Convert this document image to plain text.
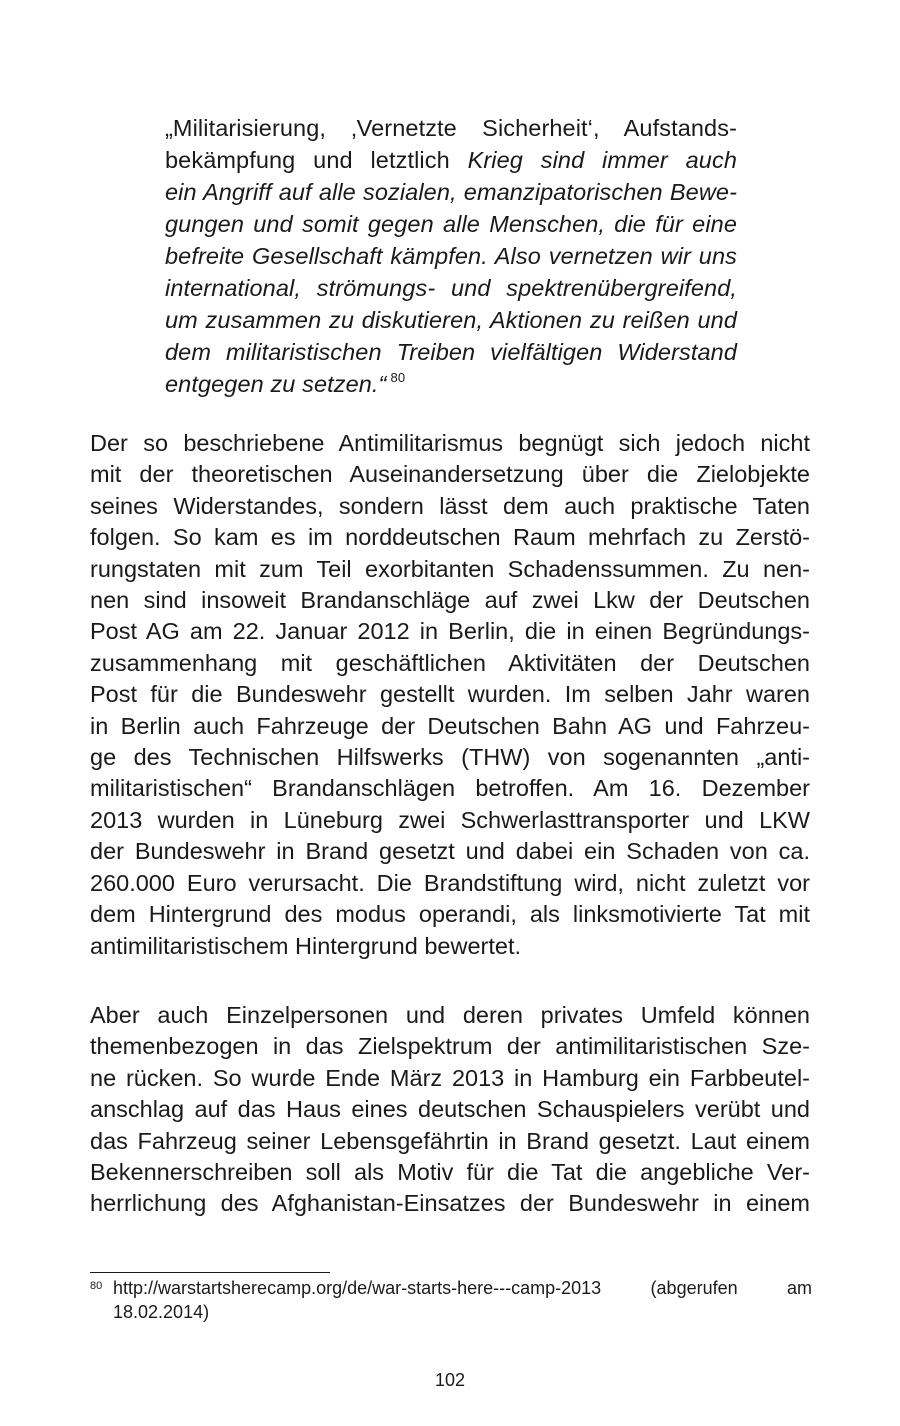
„Militarisierung, ‚Vernetzte Sicherheit‘, Aufstands-
bekämpfung und letztlich Krieg sind immer auch
ein Angriff auf alle sozialen, emanzipatorischen Bewe-
gungen und somit gegen alle Menschen, die für eine
befreite Gesellschaft kämpfen. Also vernetzen wir uns
international, strömungs- und spektrenübergreifend,
um zusammen zu diskutieren, Aktionen zu reißen und
dem militaristischen Treiben vielfältigen Widerstand
entgegen zu setzen.“ $^{80}$
Der so beschriebene Antimilitarismus begnügt sich jedoch nicht
mit der theoretischen Auseinandersetzung über die Zielobjekte
seines Widerstandes, sondern lässt dem auch praktische Taten
folgen. So kam es im norddeutschen Raum mehrfach zu Zerstö-
rungstaten mit zum Teil exorbitanten Schadenssummen. Zu nen-
nen sind insoweit Brandanschläge auf zwei Lkw der Deutschen
Post AG am 22. Januar 2012 in Berlin, die in einen Begründungs-
zusammenhang mit geschäftlichen Aktivitäten der Deutschen
Post für die Bundeswehr gestellt wurden. Im selben Jahr waren
in Berlin auch Fahrzeuge der Deutschen Bahn AG und Fahrzeu-
ge des Technischen Hilfswerks (THW) von sogenannten „anti-
militaristischen“ Brandanschlägen betroffen. Am 16. Dezember
2013 wurden in Lüneburg zwei Schwerlasttransporter und LKW
der Bundeswehr in Brand gesetzt und dabei ein Schaden von ca.
260.000 Euro verursacht. Die Brandstiftung wird, nicht zuletzt vor
dem Hintergrund des modus operandi, als linksmotivierte Tat mit
antimilitaristischem Hintergrund bewertet.
Aber auch Einzelpersonen und deren privates Umfeld können
themenbezogen in das Zielspektrum der antimilitaristischen Sze-
ne rücken. So wurde Ende März 2013 in Hamburg ein Farbbeutel-
anschlag auf das Haus eines deutschen Schauspielers verübt und
das Fahrzeug seiner Lebensgefährtin in Brand gesetzt. Laut einem
Bekennerschreiben soll als Motiv für die Tat die angebliche Ver-
herrlichung des Afghanistan-Einsatzes der Bundeswehr in einem
80 http://warstartsherecamp.org/de/war-starts-here---camp-2013 (abgerufen am
18.02.2014)
102
